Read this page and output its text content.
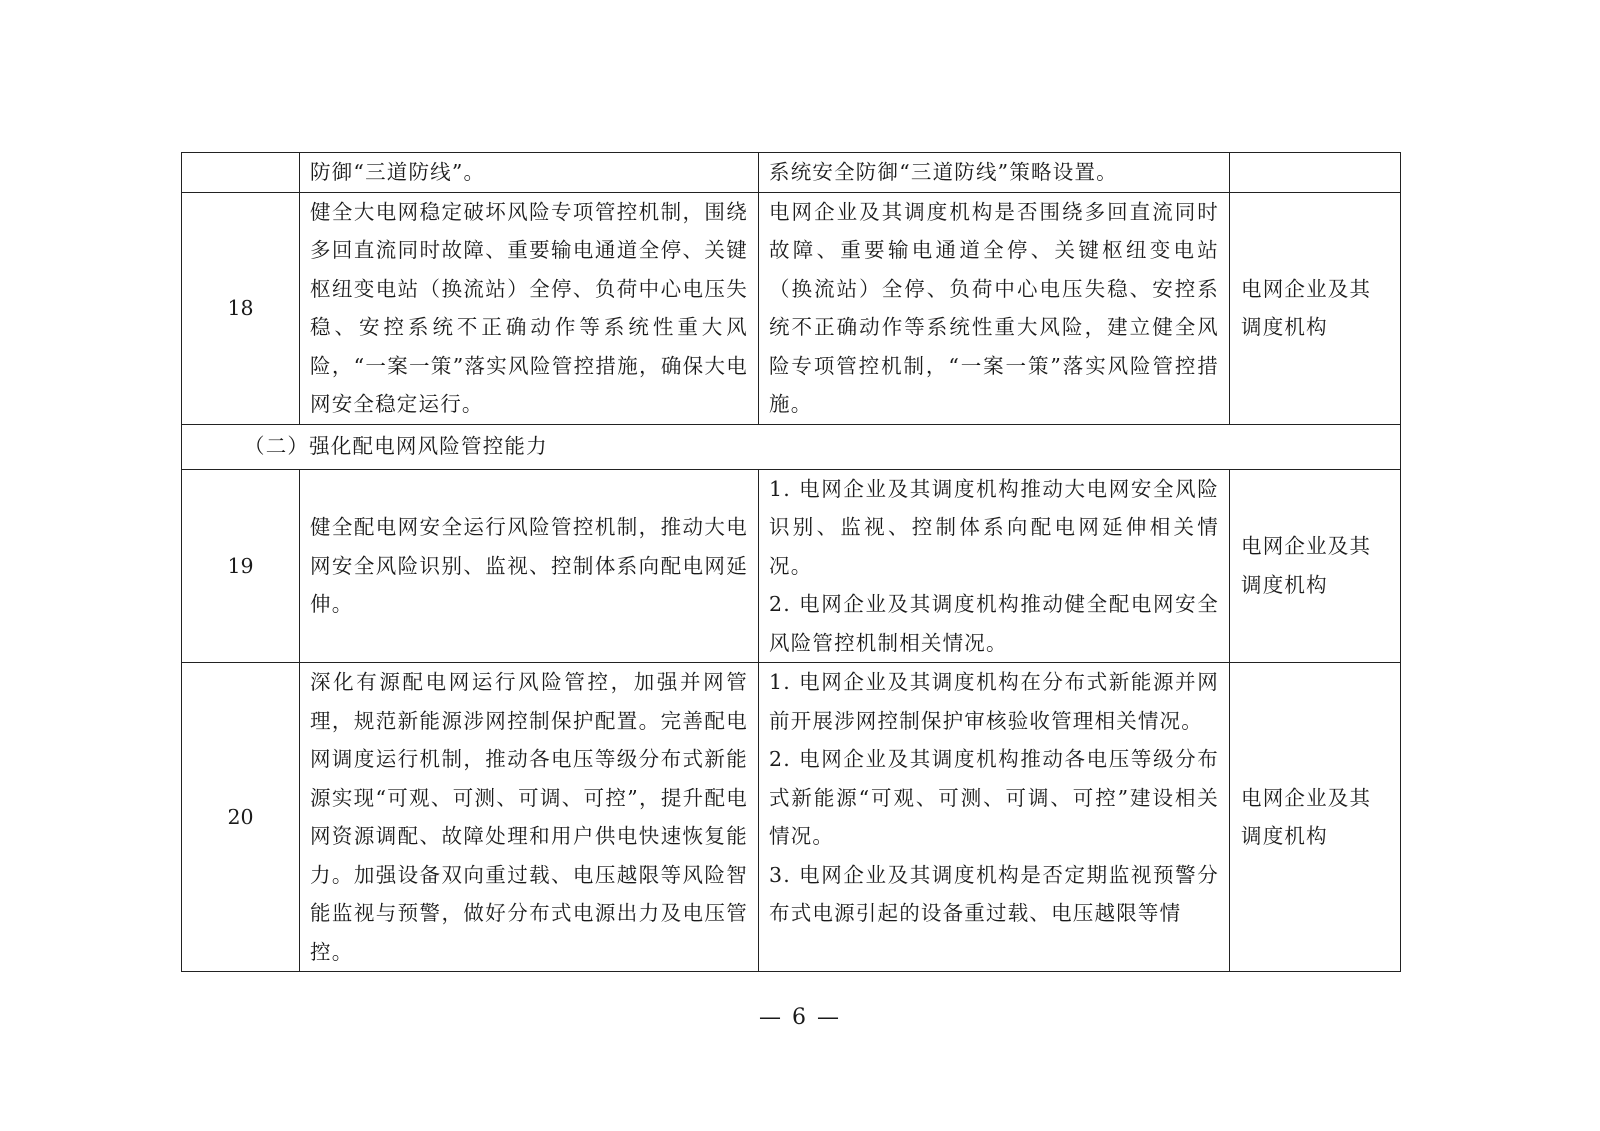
	防御“三道防线”。	系统安全防御“三道防线”策略设置。	

18	健全大电网稳定破坏风险专项管控机制，围绕多回直流同时故障、重要输电通道全停、关键枢纽变电站（换流站）全停、负荷中心电压失稳、安控系统不正确动作等系统性重大风险，“一案一策”落实风险管控措施，确保大电网安全稳定运行。	电网企业及其调度机构是否围绕多回直流同时故障、重要输电通道全停、关键枢纽变电站（换流站）全停、负荷中心电压失稳、安控系统不正确动作等系统性重大风险，建立健全风险专项管控机制，“一案一策”落实风险管控措施。	电网企业及其调度机构
（二）强化配电网风险管控能力			
19	健全配电网安全运行风险管控机制，推动大电网安全风险识别、监视、控制体系向配电网延伸。	1. 电网企业及其调度机构推动大电网安全风险识别、监视、控制体系向配电网延伸相关情况。
2. 电网企业及其调度机构推动健全配电网安全风险管控机制相关情况。	电网企业及其调度机构
20	深化有源配电网运行风险管控，加强并网管理，规范新能源涉网控制保护配置。完善配电网调度运行机制，推动各电压等级分布式新能源实现“可观、可测、可调、可控”，提升配电网资源调配、故障处理和用户供电快速恢复能力。加强设备双向重过载、电压越限等风险智能监视与预警，做好分布式电源出力及电压管控。	1. 电网企业及其调度机构在分布式新能源并网前开展涉网控制保护审核验收管理相关情况。
2. 电网企业及其调度机构推动各电压等级分布式新能源“可观、可测、可调、可控”建设相关情况。
3. 电网企业及其调度机构是否定期监视预警分布式电源引起的设备重过载、电压越限等情	电网企业及其调度机构
— 6 —
